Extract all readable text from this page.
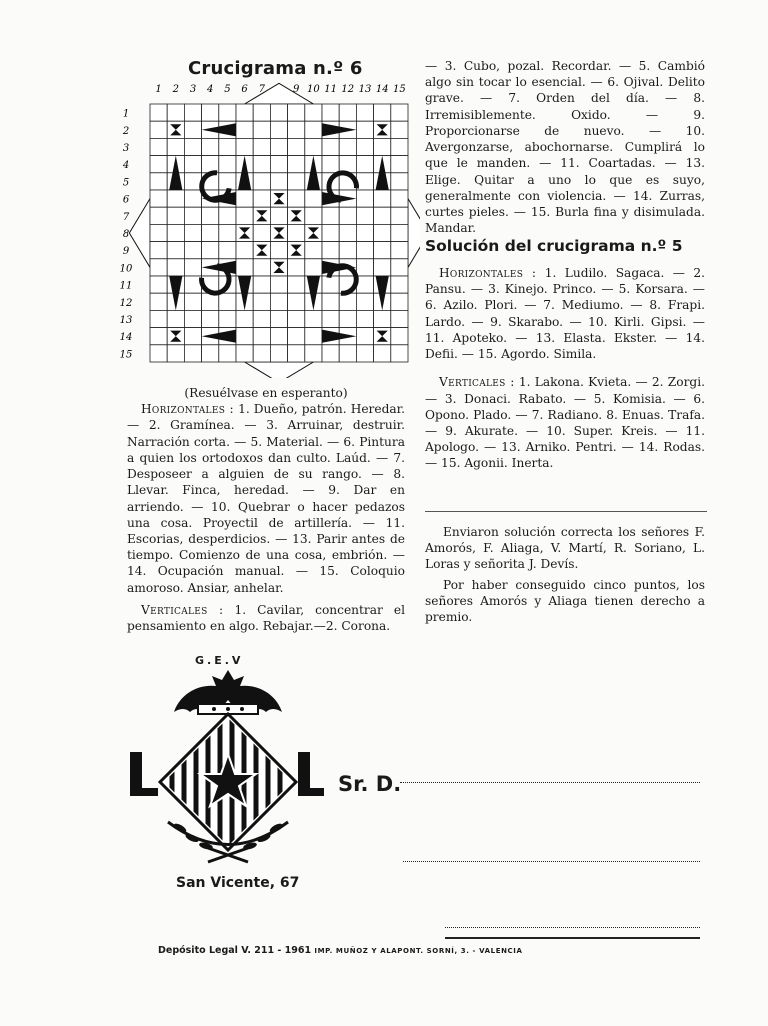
Crucigrama n.º 6
1
1
2
2
3
3
4
4
5
5
6
6
7
7
8
9
9
10
10
11
11
12
12
13
13
14
14
15
15

(Resuélvase en esperanto)

Horizontales : 1. Dueño, patrón. Heredar. — 2. Gramínea. — 3. Arruinar, destruir. Narración corta. — 5. Material. — 6. Pintura a quien los ortodoxos dan culto. Laúd. — 7. Desposeer a alguien de su rango. — 8. Llevar. Finca, heredad. — 9. Dar en arriendo. — 10. Quebrar o hacer pedazos una cosa. Proyectil de artillería. — 11. Escorias, desperdicios. — 13. Parir antes de tiempo. Comienzo de una cosa, embrión. — 14. Ocupación manual. — 15. Coloquio amoroso. Ansiar, anhelar.

Verticales : 1. Cavilar, concentrar el pensamiento en algo. Rebajar.—2. Corona.

— 3. Cubo, pozal. Recordar. — 5. Cambió algo sin tocar lo esencial. — 6. Ojival. Delito grave. — 7. Orden del día. — 8. Irremisiblemente. Oxido. — 9. Proporcionarse de nuevo. — 10. Avergonzarse, abochornarse. Cumplirá lo que le manden. — 11. Coartadas. — 13. Elige. Quitar a uno lo que es suyo, generalmente con violencia. — 14. Zurras, curtes pieles. — 15. Burla fina y disimulada. Mandar.

Solución del crucigrama n.º 5

Horizontales : 1. Ludilo. Sagaca. — 2. Pansu. — 3. Kinejo. Princo. — 5. Korsara. — 6. Azilo. Plori. — 7. Mediumo. — 8. Frapi. Lardo. — 9. Skarabo. — 10. Kirli. Gipsi. — 11. Apoteko. — 13. Elasta. Ekster. — 14. Defii. — 15. Agordo. Simila.

Verticales : 1. Lakona. Kvieta. — 2. Zorgi. — 3. Donaci. Rabato. — 5. Komisia. — 6. Opono. Plado. — 7. Radiano. 8. Enuas. Trafa. — 9. Akurate. — 10. Super. Kreis. — 11. Apologo. — 13. Arniko. Pentri. — 14. Rodas. — 15. Agonii. Inerta.

Enviaron solución correcta los señores F. Amorós, F. Aliaga, V. Martí, R. Soriano, L. Loras y señorita J. Devís.

Por haber conseguido cinco puntos, los señores Amorós y Aliaga tienen derecho a premio.

G.E.V
San Vicente, 67
Sr. D.
Depósito Legal V. 211 - 1961 IMP. MUÑOZ Y ALAPONT. SORNÍ, 3. - VALENCIA
